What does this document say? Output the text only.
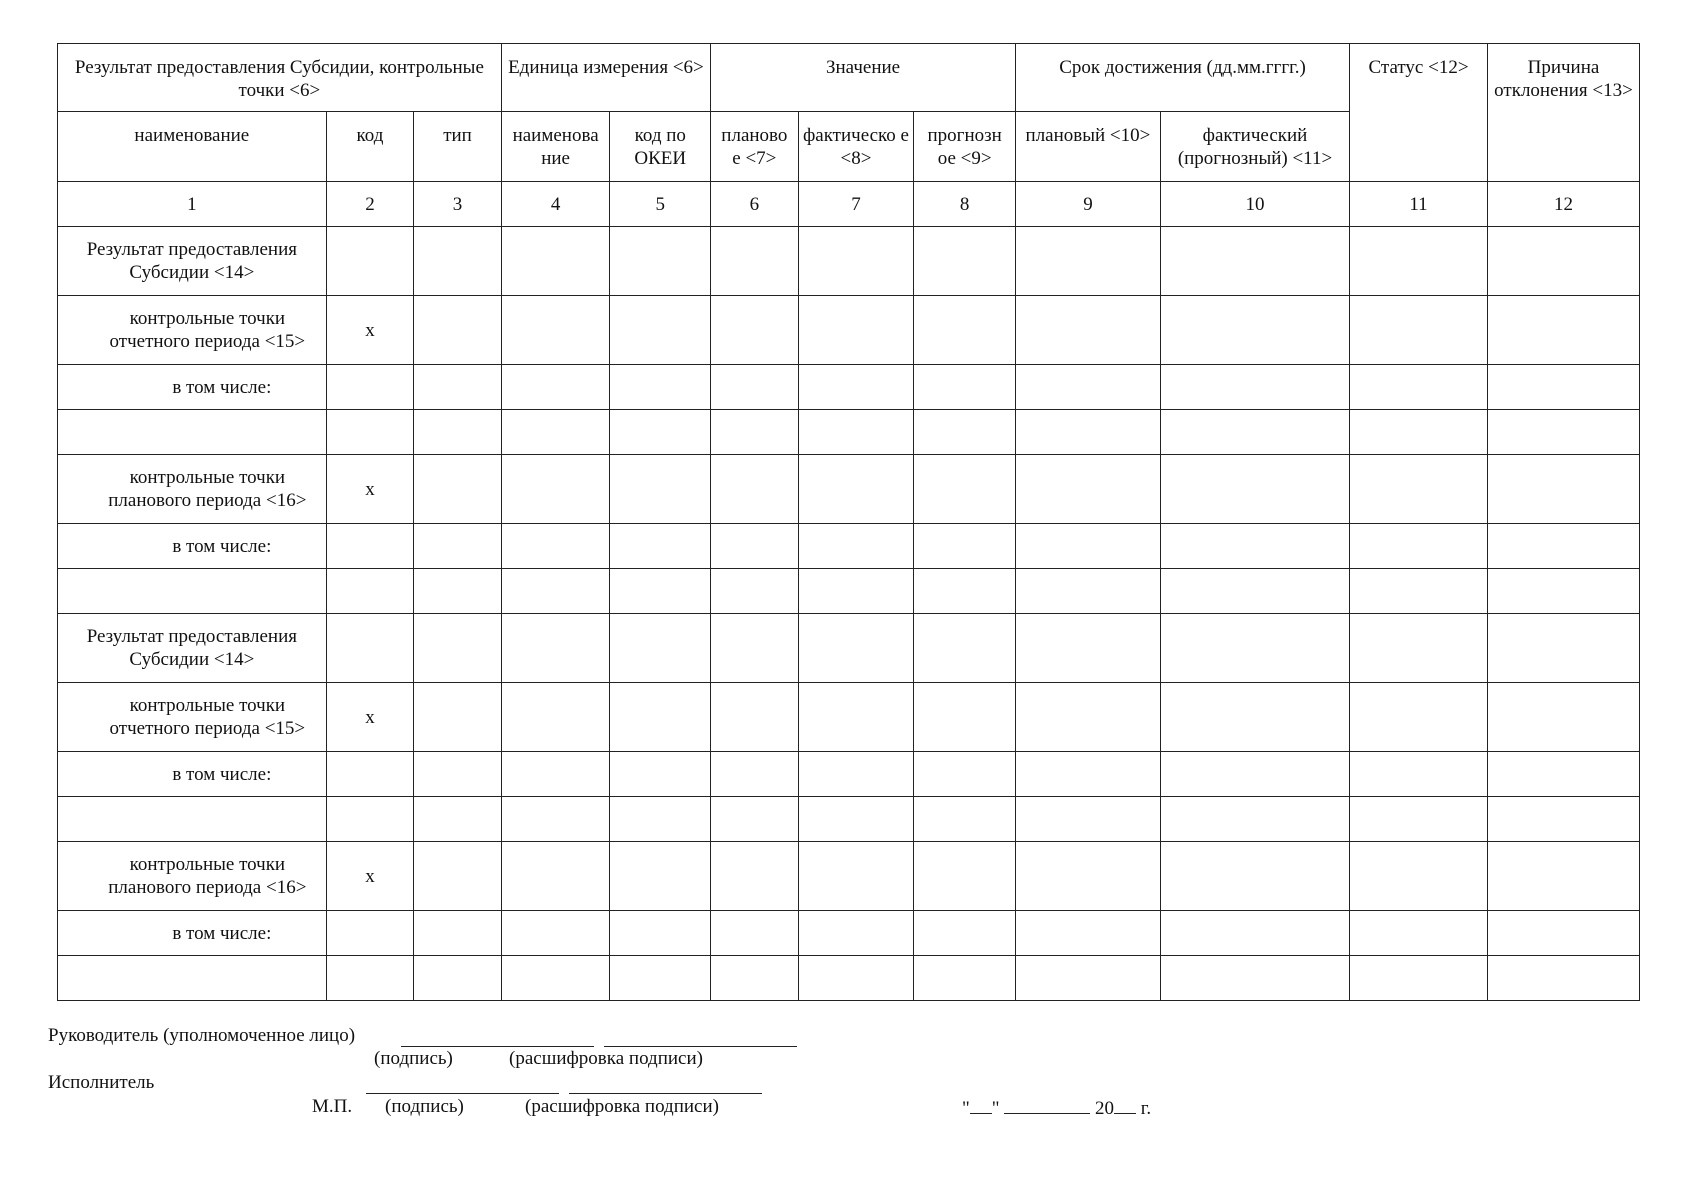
Результат предоставления Субсидии, контрольные точки <6>			Единица измерения <6>		Значение			Срок достижения (дд.мм.гггг.)		Статус <12>	Причина отклонения <13>
наименование	код	тип	наименова ние	код по ОКЕИ	планово е <7>	фактическо е <8>	прогнозн ое <9>	плановый <10>	фактический (прогнозный) <11>		
1	2	3	4	5	6	7	8	9	10	11	12
Результат предоставления Субсидии <14>											
контрольные точки отчетного периода <15>	x										
в том числе:											

контрольные точки планового периода <16>	x										
в том числе:											

Результат предоставления Субсидии <14>											
контрольные точки отчетного периода <15>	x										
в том числе:											

контрольные точки планового периода <16>	x										
в том числе:											

Руководитель (уполномоченное лицо)
(подпись)	(расшифровка подписи)
Исполнитель
М.П. (подпись)	(расшифровка подписи)	" "	20 г.
